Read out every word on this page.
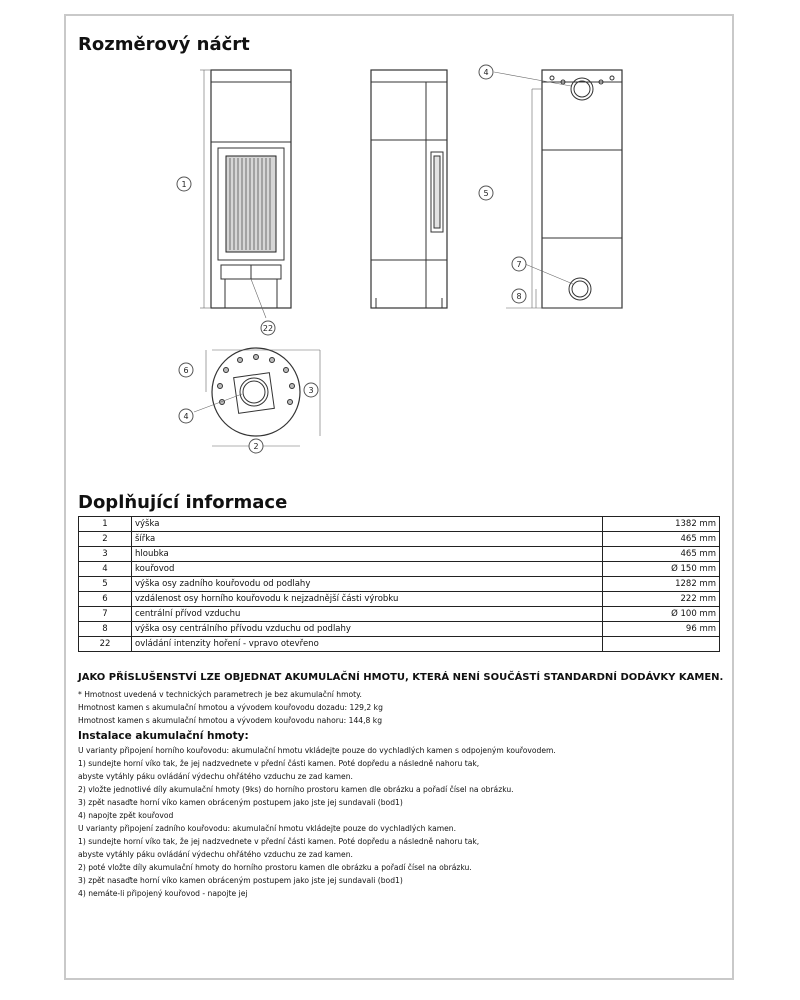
Rozměrový náčrt
1
22
4
5
7
8
6
3
4
2
Doplňující informace
1	výška	1382 mm
2	šířka	465 mm
3	hloubka	465 mm
4	kouřovod	Ø 150 mm
5	výška osy zadního kouřovodu od podlahy	1282 mm
6	vzdálenost osy horního kouřovodu k nejzadnější části výrobku	222 mm
7	centrální přívod vzduchu	Ø 100 mm
8	výška osy centrálního přívodu vzduchu od podlahy	96 mm
22	ovládání intenzity hoření - vpravo otevřeno	
JAKO PŘÍSLUŠENSTVÍ LZE OBJEDNAT AKUMULAČNÍ HMOTU, KTERÁ NENÍ SOUČÁSTÍ STANDARDNÍ DODÁVKY KAMEN.
* Hmotnost uvedená v technických parametrech je bez akumulační hmoty.
Hmotnost kamen s akumulační hmotou a vývodem kouřovodu dozadu: 129,2 kg
Hmotnost kamen s akumulační hmotou a vývodem kouřovodu nahoru: 144,8 kg
Instalace akumulační hmoty:
U varianty připojení horního kouřovodu: akumulační hmotu vkládejte pouze do vychladlých kamen s odpojeným kouřovodem.
1) sundejte horní víko tak, že jej nadzvednete v přední části kamen. Poté dopředu a následně nahoru tak,
abyste vytáhly páku ovládání výdechu ohřátého vzduchu ze zad kamen.
2) vložte jednotlivé díly akumulační hmoty (9ks) do horního prostoru kamen dle obrázku a pořadí čísel na obrázku.
3) zpět nasaďte horní víko kamen obráceným postupem jako jste jej sundavali (bod1)
4) napojte zpět kouřovod
U varianty připojení zadního kouřovodu: akumulační hmotu vkládejte pouze do vychladlých kamen.
1) sundejte horní víko tak, že jej nadzvednete v přední části kamen. Poté dopředu a následně nahoru tak,
abyste vytáhly páku ovládání výdechu ohřátého vzduchu ze zad kamen.
2) poté vložte díly akumulační hmoty do horního prostoru kamen dle obrázku a pořadí čísel na obrázku.
3) zpět nasaďte horní víko kamen obráceným postupem jako jste jej sundavali (bod1)
4) nemáte-li připojený kouřovod - napojte jej
